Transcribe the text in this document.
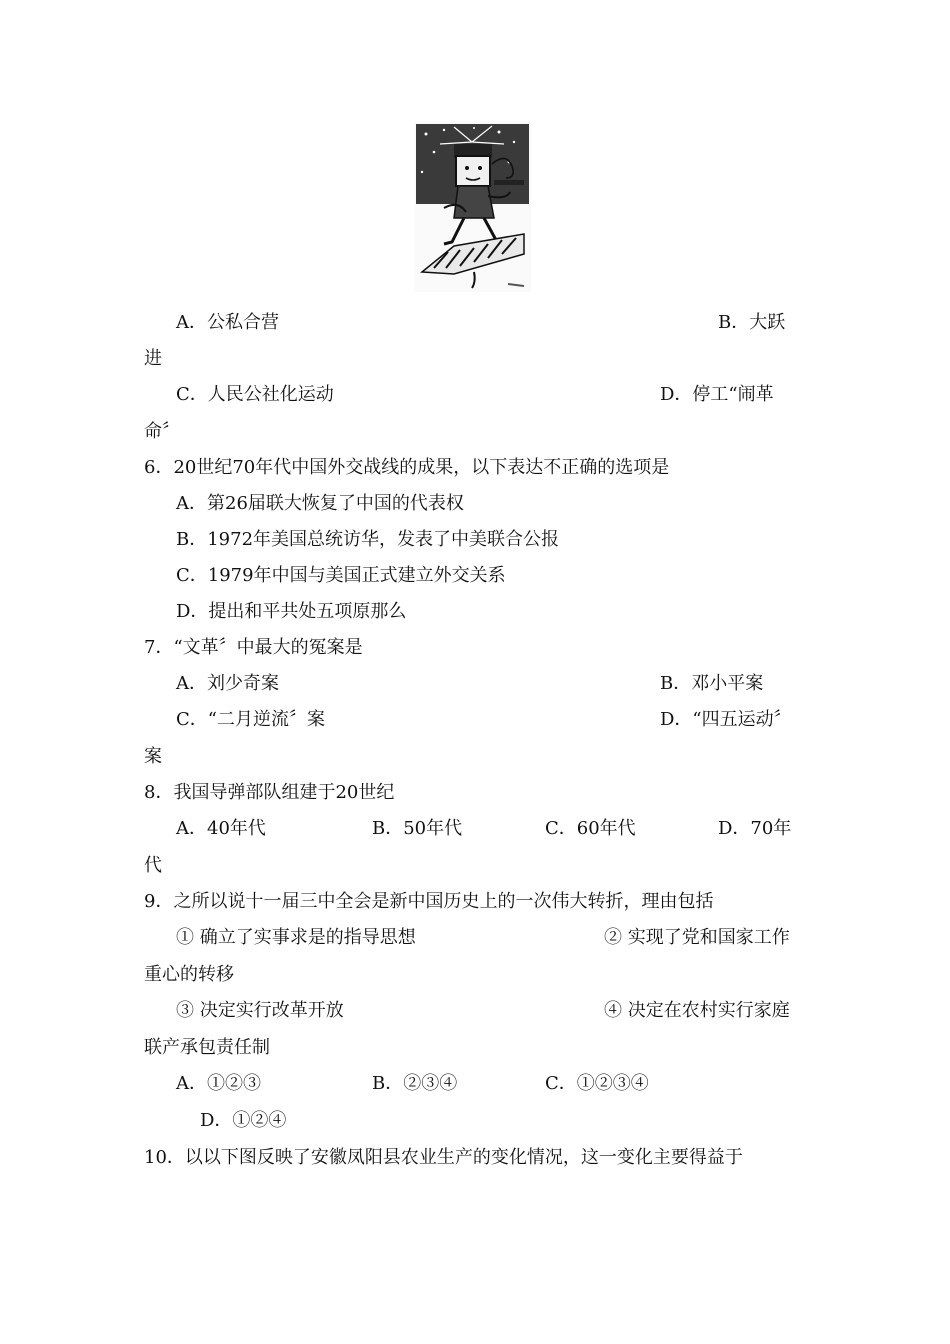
A．公私合营	B．大跃
进
C．人民公社化运动	D．停工“闹革
命〞
6．20世纪70年代中国外交战线的成果，以下表达不正确的选项是
A．第26届联大恢复了中国的代表权
B．1972年美国总统访华，发表了中美联合公报
C．1979年中国与美国正式建立外交关系
D．提出和平共处五项原那么
7．“文革〞中最大的冤案是
A．刘少奇案	B．邓小平案
C．“二月逆流〞案	D．“四五运动〞
案
8．我国导弹部队组建于20世纪
A．40年代	B．50年代	C．60年代	D．70年
代
9．之所以说十一届三中全会是新中国历史上的一次伟大转折，理由包括
① 确立了实事求是的指导思想	② 实现了党和国家工作
重心的转移
③ 决定实行改革开放	④ 决定在农村实行家庭
联产承包责任制
A．①②③	B．②③④	C．①②③④
D．①②④
10．以以下图反映了安徽凤阳县农业生产的变化情况，这一变化主要得益于
